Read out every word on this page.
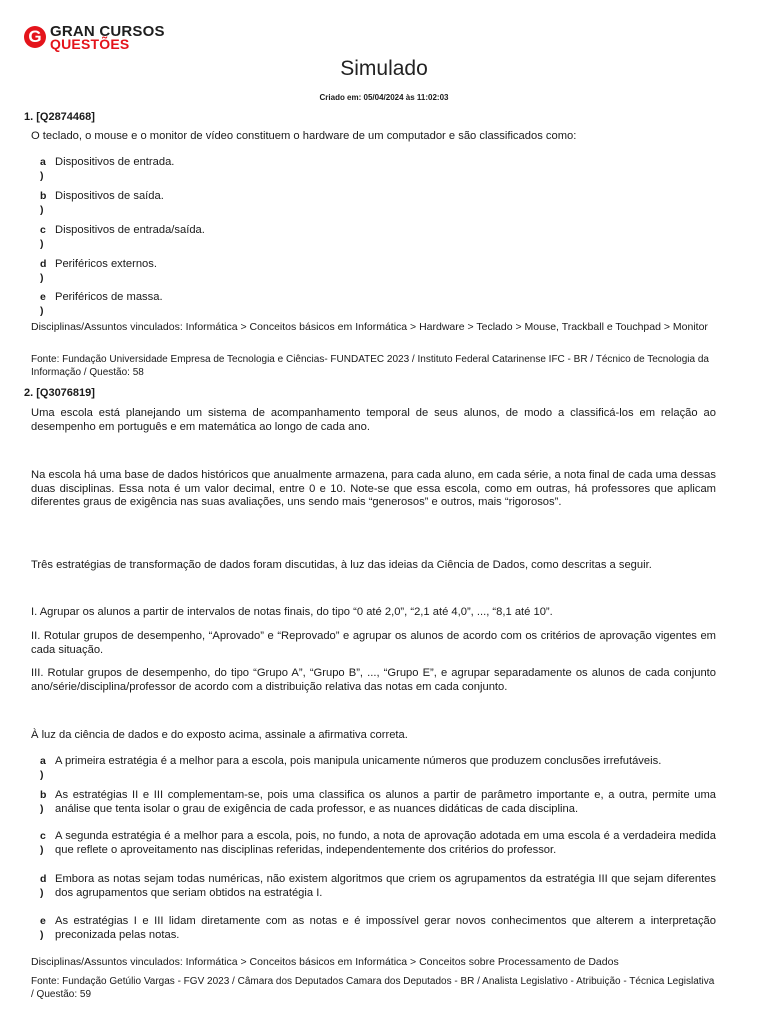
G GRAN CURSOS
QUESTÕES
Simulado
Criado em: 05/04/2024 às 11:02:03
1. [Q2874468]
O teclado, o mouse e o monitor de vídeo constituem o hardware de um computador e são classificados como:
a
)
Dispositivos de entrada.
b
)
Dispositivos de saída.
c
)
Dispositivos de entrada/saída.
d
)
Periféricos externos.
e
)
Periféricos de massa.
Disciplinas/Assuntos vinculados: Informática > Conceitos básicos em Informática > Hardware > Teclado > Mouse, Trackball e Touchpad > Monitor
Fonte: Fundação Universidade Empresa de Tecnologia e Ciências- FUNDATEC 2023 / Instituto Federal Catarinense IFC - BR / Técnico de Tecnologia da Informação / Questão: 58
2. [Q3076819]
Uma escola está planejando um sistema de acompanhamento temporal de seus alunos, de modo a classificá-los em relação ao desempenho em português e em matemática ao longo de cada ano.
Na escola há uma base de dados históricos que anualmente armazena, para cada aluno, em cada série, a nota final de cada uma dessas duas disciplinas. Essa nota é um valor decimal, entre 0 e 10. Note-se que essa escola, como em outras, há professores que aplicam diferentes graus de exigência nas suas avaliações, uns sendo mais “generosos” e outros, mais “rigorosos”.
Três estratégias de transformação de dados foram discutidas, à luz das ideias da Ciência de Dados, como descritas a seguir.
I. Agrupar os alunos a partir de intervalos de notas finais, do tipo “0 até 2,0”, “2,1 até 4,0”, ..., “8,1 até 10”.
II. Rotular grupos de desempenho, “Aprovado” e “Reprovado” e agrupar os alunos de acordo com os critérios de aprovação vigentes em cada situação.
III. Rotular grupos de desempenho, do tipo “Grupo A”, “Grupo B”, ..., “Grupo E”, e agrupar separadamente os alunos de cada conjunto ano/série/disciplina/professor de acordo com a distribuição relativa das notas em cada conjunto.
À luz da ciência de dados e do exposto acima, assinale a afirmativa correta.
a
)
A primeira estratégia é a melhor para a escola, pois manipula unicamente números que produzem conclusões irrefutáveis.
b
)
As estratégias II e III complementam-se, pois uma classifica os alunos a partir de parâmetro importante e, a outra, permite uma análise que tenta isolar o grau de exigência de cada professor, e as nuances didáticas de cada disciplina.
c
)
A segunda estratégia é a melhor para a escola, pois, no fundo, a nota de aprovação adotada em uma escola é a verdadeira medida que reflete o aproveitamento nas disciplinas referidas, independentemente dos critérios do professor.
d
)
Embora as notas sejam todas numéricas, não existem algoritmos que criem os agrupamentos da estratégia III que sejam diferentes dos agrupamentos que seriam obtidos na estratégia I.
e
)
As estratégias I e III lidam diretamente com as notas e é impossível gerar novos conhecimentos que alterem a interpretação preconizada pelas notas.
Disciplinas/Assuntos vinculados: Informática > Conceitos básicos em Informática > Conceitos sobre Processamento de Dados
Fonte: Fundação Getúlio Vargas - FGV 2023 / Câmara dos Deputados Camara dos Deputados - BR / Analista Legislativo - Atribuição - Técnica Legislativa / Questão: 59
